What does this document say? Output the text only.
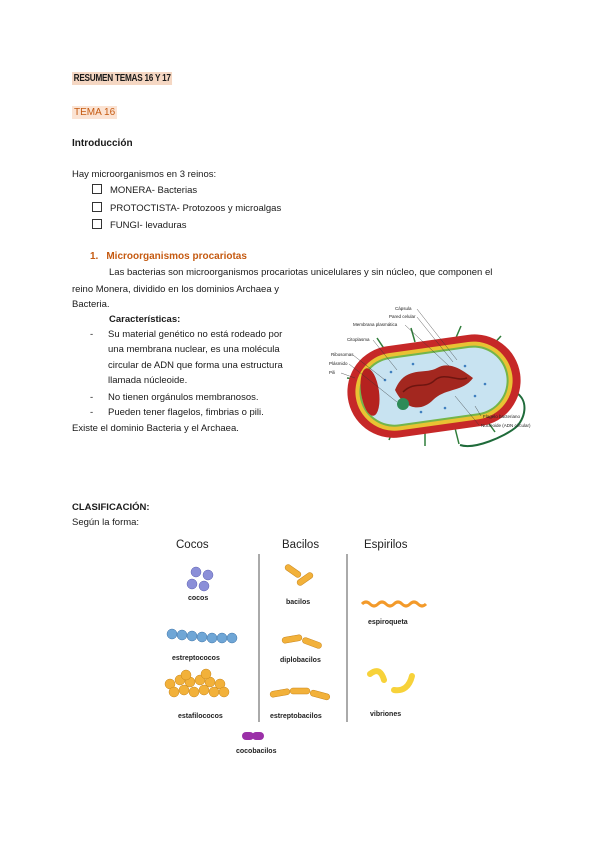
RESUMEN TEMAS 16 Y 17
TEMA 16
Introducción
Hay microorganismos en 3 reinos:
MONERA- Bacterias
PROTOCTISTA- Protozoos y microalgas
FUNGI- levaduras
1. Microorganismos procariotas
Las bacterias son microorganismos procariotas unicelulares y sin núcleo, que componen el
reino Monera, dividido en los dominios Archaea y
Bacteria.
Características:
- Su material genético no está rodeado por
una membrana nuclear, es una molécula
circular de ADN que forma una estructura
llamada núcleoide.
- No tienen orgánulos membranosos.
- Pueden tener flagelos, fimbrias o pili.
Existe el dominio Bacteria y el Archaea.
Cápsula
Pared celular
Membrana plasmática
Citoplasma
Ribosomas
Plásmido
Pili
Flagelo bacteriano
Nucleoide (ADN circular)
CLASIFICACIÓN:
Según la forma:
Cocos	Bacilos	Espirilos
cocos
estreptococos
estafilococos
bacilos
diplobacilos
estreptobacilos
espiroqueta
vibriones
cocobacilos
